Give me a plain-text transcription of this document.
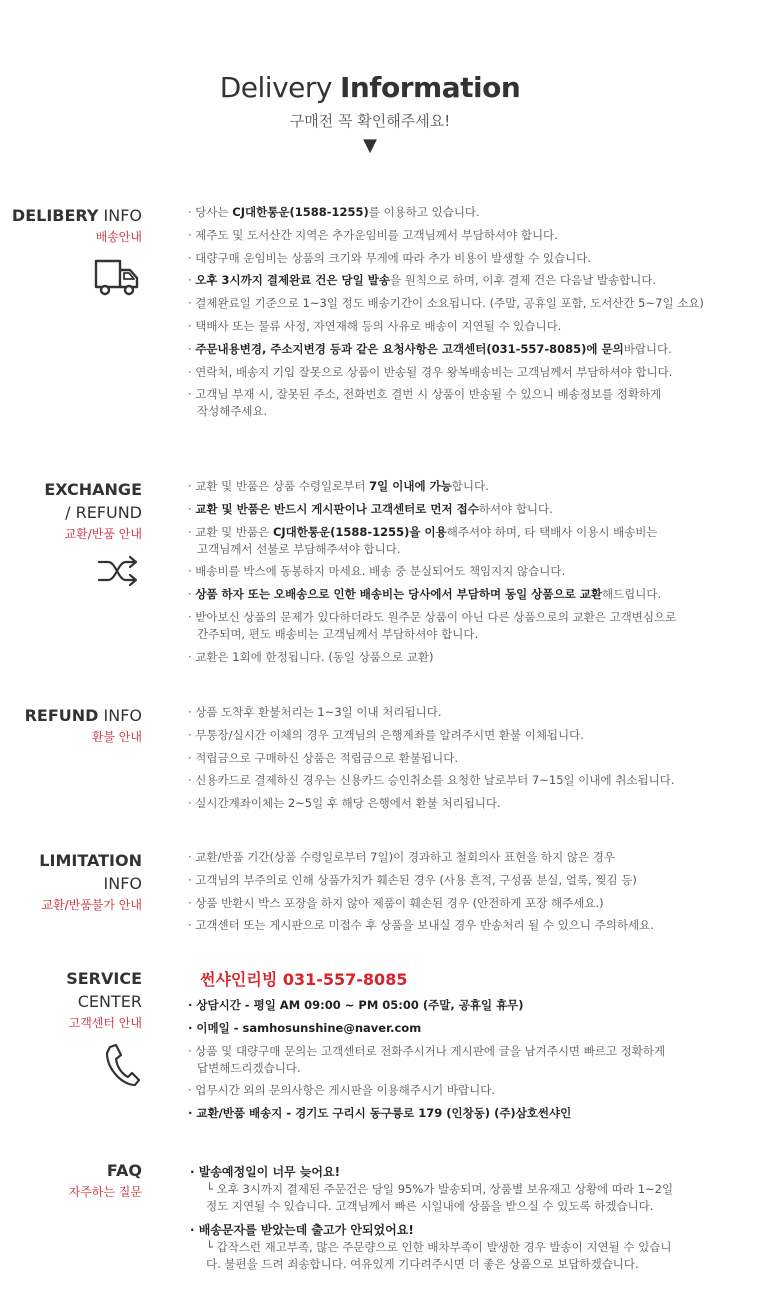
Delivery Information
구매전 꼭 확인해주세요!
▼
DELIBERY INFO
배송안내
· 당사는 CJ대한통운(1588-1255)를 이용하고 있습니다.
· 제주도 및 도서산간 지역은 추가운임비를 고객님께서 부담하셔야 합니다.
· 대량구매 운임비는 상품의 크기와 무게에 따라 추가 비용이 발생할 수 있습니다.
· 오후 3시까지 결제완료 건은 당일 발송을 원칙으로 하며, 이후 결제 건은 다음날 발송합니다.
· 결제완료일 기준으로 1~3일 정도 배송기간이 소요됩니다. (주말, 공휴일 포함, 도서산간 5~7일 소요)
· 택배사 또는 물류 사정, 자연재해 등의 사유로 배송이 지연될 수 있습니다.
· 주문내용변경, 주소지변경 등과 같은 요청사항은 고객센터(031-557-8085)에 문의바랍니다.
· 연락처, 배송지 기입 잘못으로 상품이 반송될 경우 왕복배송비는 고객님께서 부담하셔야 합니다.
· 고객님 부재 시, 잘못된 주소, 전화번호 결번 시 상품이 반송될 수 있으니 배송정보를 정확하게
작성해주세요.
EXCHANGE
/ REFUND
교환/반품 안내
· 교환 및 반품은 상품 수령일로부터 7일 이내에 가능합니다.
· 교환 및 반품은 반드시 게시판이나 고객센터로 먼저 접수하셔야 합니다.
· 교환 및 반품은 CJ대한통운(1588-1255)을 이용해주셔야 하며, 타 택배사 이용시 배송비는
고객님께서 선불로 부담해주셔야 합니다.
· 배송비를 박스에 동봉하지 마세요. 배송 중 분실되어도 책임지지 않습니다.
· 상품 하자 또는 오배송으로 인한 배송비는 당사에서 부담하며 동일 상품으로 교환해드립니다.
· 받아보신 상품의 문제가 있다하더라도 원주문 상품이 아닌 다른 상품으로의 교환은 고객변심으로
간주되며, 편도 배송비는 고객님께서 부담하셔야 합니다.
· 교환은 1회에 한정됩니다. (동일 상품으로 교환)
REFUND INFO
환불 안내
· 상품 도착후 환불처리는 1~3일 이내 처리됩니다.
· 무통장/실시간 이체의 경우 고객님의 은행계좌를 알려주시면 환불 이체됩니다.
· 적립금으로 구매하신 상품은 적립금으로 환불됩니다.
· 신용카드로 결제하신 경우는 신용카드 승인취소를 요청한 날로부터 7~15일 이내에 취소됩니다.
· 실시간계좌이체는 2~5일 후 해당 은행에서 환불 처리됩니다.
LIMITATION
INFO
교환/반품불가 안내
· 교환/반품 기간(상품 수령일로부터 7일)이 경과하고 철회의사 표현을 하지 않은 경우
· 고객님의 부주의로 인해 상품가치가 훼손된 경우 (사용 흔적, 구성품 분실, 얼룩, 찢김 등)
· 상품 반환시 박스 포장을 하지 않아 제품이 훼손된 경우 (안전하게 포장 해주세요.)
· 고객센터 또는 게시판으로 미접수 후 상품을 보내실 경우 반송처리 될 수 있으니 주의하세요.
SERVICE
CENTER
고객센터 안내
썬샤인리빙 031-557-8085
· 상담시간 - 평일 AM 09:00 ~ PM 05:00 (주말, 공휴일 휴무)
· 이메일 - samhosunshine@naver.com
· 상품 및 대량구매 문의는 고객센터로 전화주시거나 게시판에 글을 남겨주시면 빠르고 정확하게
답변해드리겠습니다.
· 업무시간 외의 문의사항은 게시판을 이용해주시기 바랍니다.
· 교환/반품 배송지 - 경기도 구리시 동구릉로 179 (인창동) (주)삼호썬샤인
FAQ
자주하는 질문
· 발송예정일이 너무 늦어요!
└ 오후 3시까지 결제된 주문건은 당일 95%가 발송되며, 상품별 보유재고 상황에 따라 1~2일
정도 지연될 수 있습니다. 고객님께서 빠른 시일내에 상품을 받으실 수 있도록 하겠습니다.
· 배송문자를 받았는데 출고가 안되었어요!
└ 갑작스런 재고부족, 많은 주문량으로 인한 배차부족이 발생한 경우 발송이 지연될 수 있습니
다. 불편을 드려 죄송합니다. 여유있게 기다려주시면 더 좋은 상품으로 보답하겠습니다.
